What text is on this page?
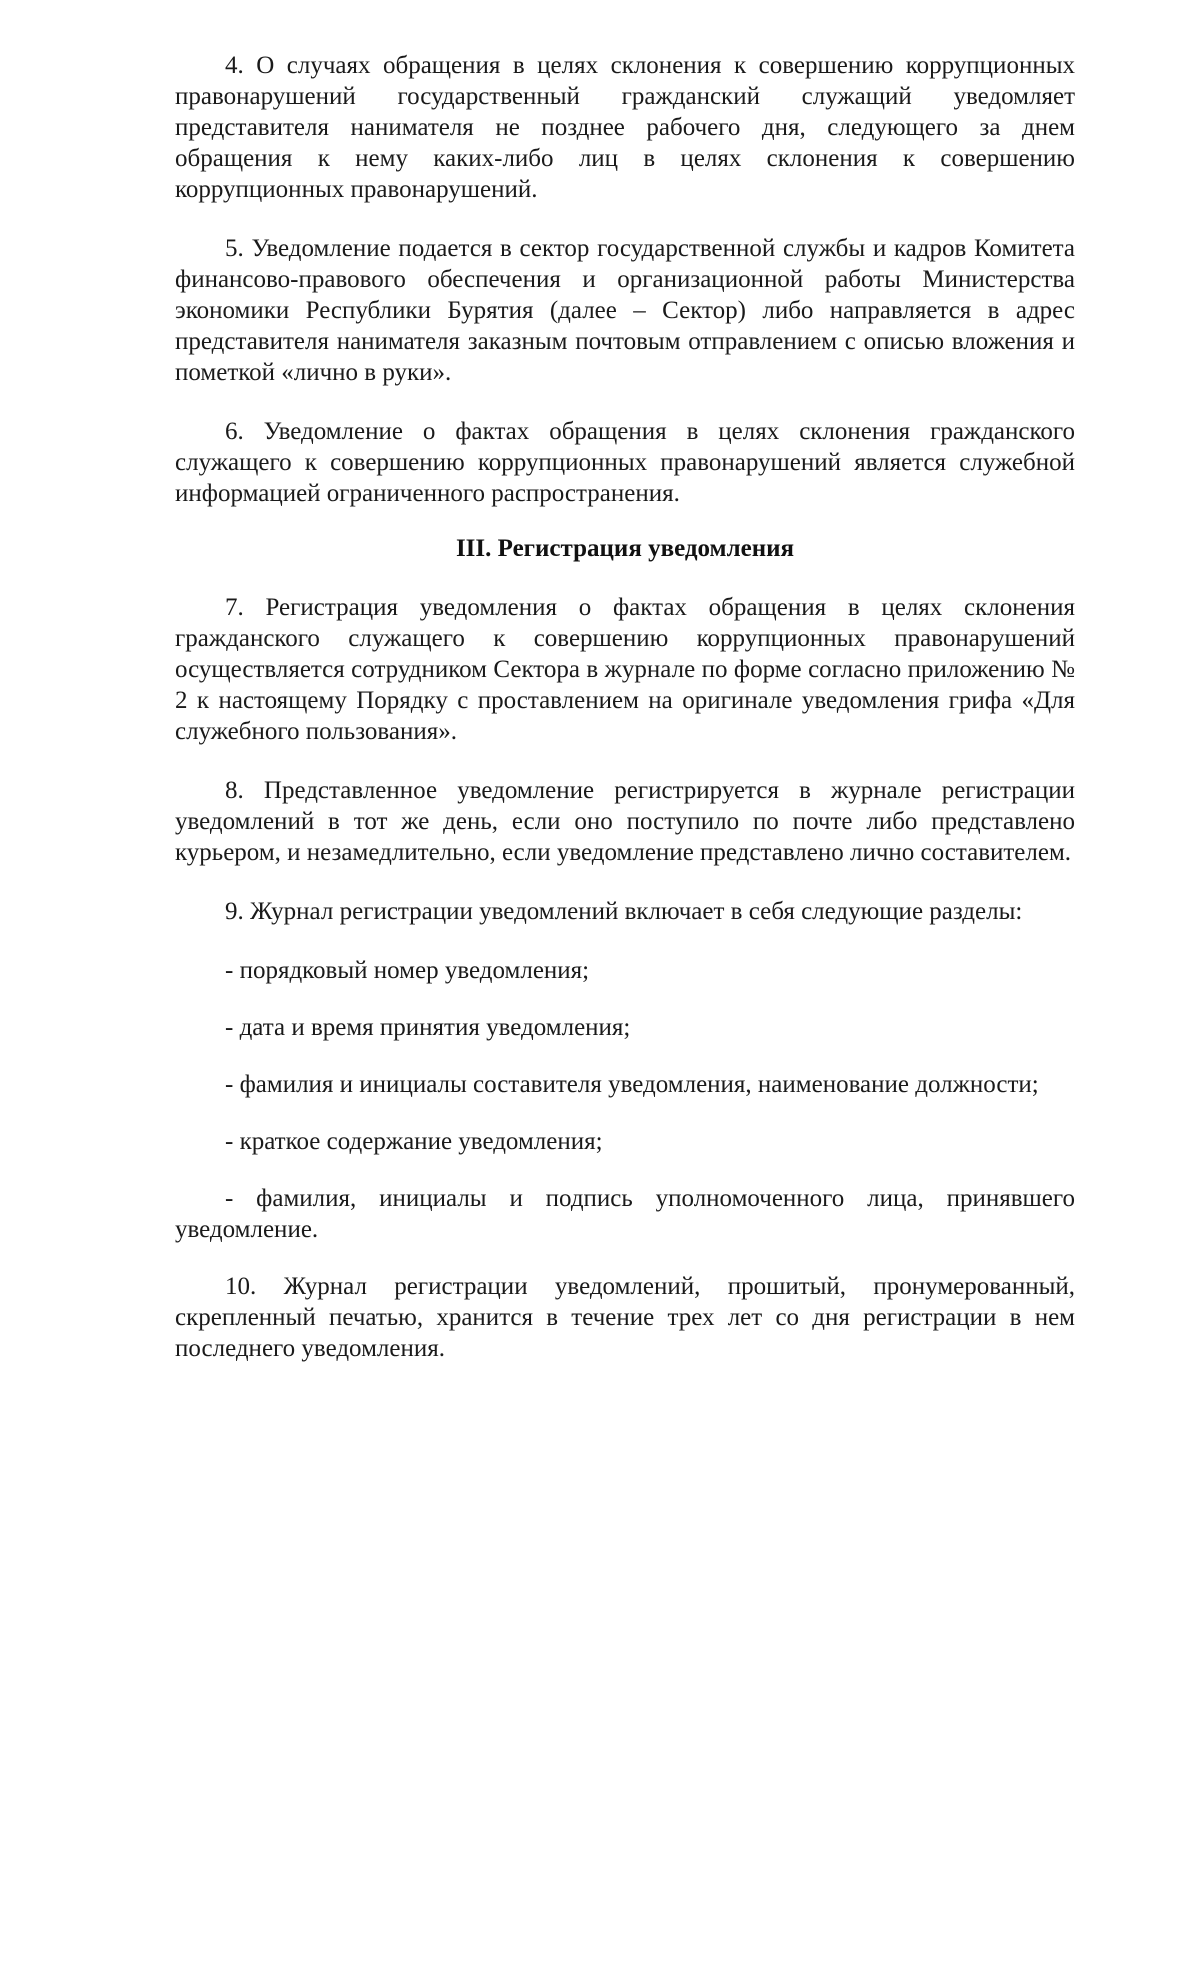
4. О случаях обращения в целях склонения к совершению коррупционных правонарушений государственный гражданский служащий уведомляет представителя нанимателя не позднее рабочего дня, следующего за днем обращения к нему каких-либо лиц в целях склонения к совершению коррупционных правонарушений.

5. Уведомление подается в сектор государственной службы и кадров Комитета финансово-правового обеспечения и организационной работы Министерства экономики Республики Бурятия (далее – Сектор) либо направляется в адрес представителя нанимателя заказным почтовым отправлением с описью вложения и пометкой «лично в руки».

6. Уведомление о фактах обращения в целях склонения гражданского служащего к совершению коррупционных правонарушений является служебной информацией ограниченного распространения.

III. Регистрация уведомления

7. Регистрация уведомления о фактах обращения в целях склонения гражданского служащего к совершению коррупционных правонарушений осуществляется сотрудником Сектора в журнале по форме согласно приложению № 2 к настоящему Порядку с проставлением на оригинале уведомления грифа «Для служебного пользования».

8. Представленное уведомление регистрируется в журнале регистрации уведомлений в тот же день, если оно поступило по почте либо представлено курьером, и незамедлительно, если уведомление представлено лично составителем.

9. Журнал регистрации уведомлений включает в себя следующие разделы:

- порядковый номер уведомления;

- дата и время принятия уведомления;

- фамилия и инициалы составителя уведомления, наименование должности;

- краткое содержание уведомления;

- фамилия, инициалы и подпись уполномоченного лица, принявшего уведомление.

10. Журнал регистрации уведомлений, прошитый, пронумерованный, скрепленный печатью, хранится в течение трех лет со дня регистрации в нем последнего уведомления.
